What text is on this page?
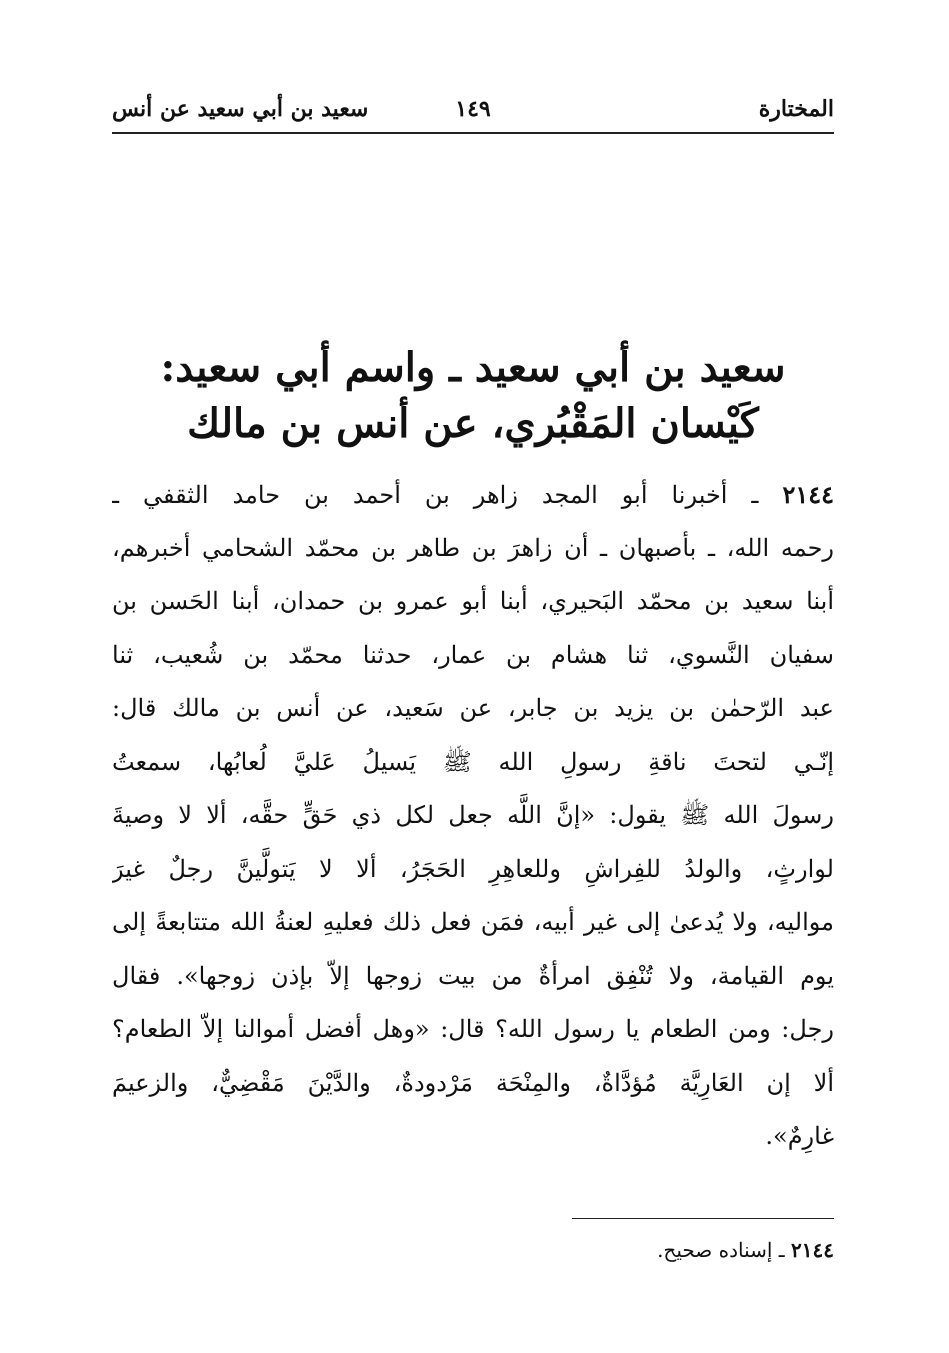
المختارة
١٤٩
سعيد بن أبي سعيد عن أنس
سعيد بن أبي سعيد ـ واسم أبي سعيد:
كَيْسان المَقْبُري، عن أنس بن مالك
٢١٤٤ ـ أخبرنا أبو المجد زاهر بن أحمد بن حامد الثقفي ـ
رحمه الله، ـ بأصبهان ـ أن زاهرَ بن طاهر بن محمّد الشحامي أخبرهم،
أبنا سعيد بن محمّد البَحيري، أبنا أبو عمرو بن حمدان، أبنا الحَسن بن
سفيان النَّسوي، ثنا هشام بن عمار، حدثنا محمّد بن شُعيب، ثنا
عبد الرّحمٰن بن يزيد بن جابر، عن سَعيد، عن أنس بن مالك قال:
إنّـي لتحتَ ناقةِ رسولِ الله ﷺ يَسيلُ عَليَّ لُعابُها، سمعتُ
رسولَ الله ﷺ يقول: «إنَّ اللَّه جعل لكل ذي حَقٍّ حقَّه، ألا لا وصيةَ
لوارثٍ، والولدُ للفِراشِ وللعاهِرِ الحَجَرُ، ألا لا يَتولَّينَّ رجلٌ غيرَ
مواليه، ولا يُدعىٰ إلى غير أبيه، فمَن فعل ذلك فعليهِ لعنةُ الله متتابعةً إلى
يوم القيامة، ولا تُنْفِق امرأةٌ من بيت زوجها إلاّ بإذن زوجها». فقال
رجل: ومن الطعام يا رسول الله؟ قال: «وهل أفضل أموالنا إلاّ الطعام؟
ألا إن العَارِيَّة مُؤدَّاةٌ، والمِنْحَة مَرْدودةٌ، والدَّيْنَ مَقْضِيٌّ، والزعيمَ
غارِمٌ».
٢١٤٤ ـ إسناده صحيح.
